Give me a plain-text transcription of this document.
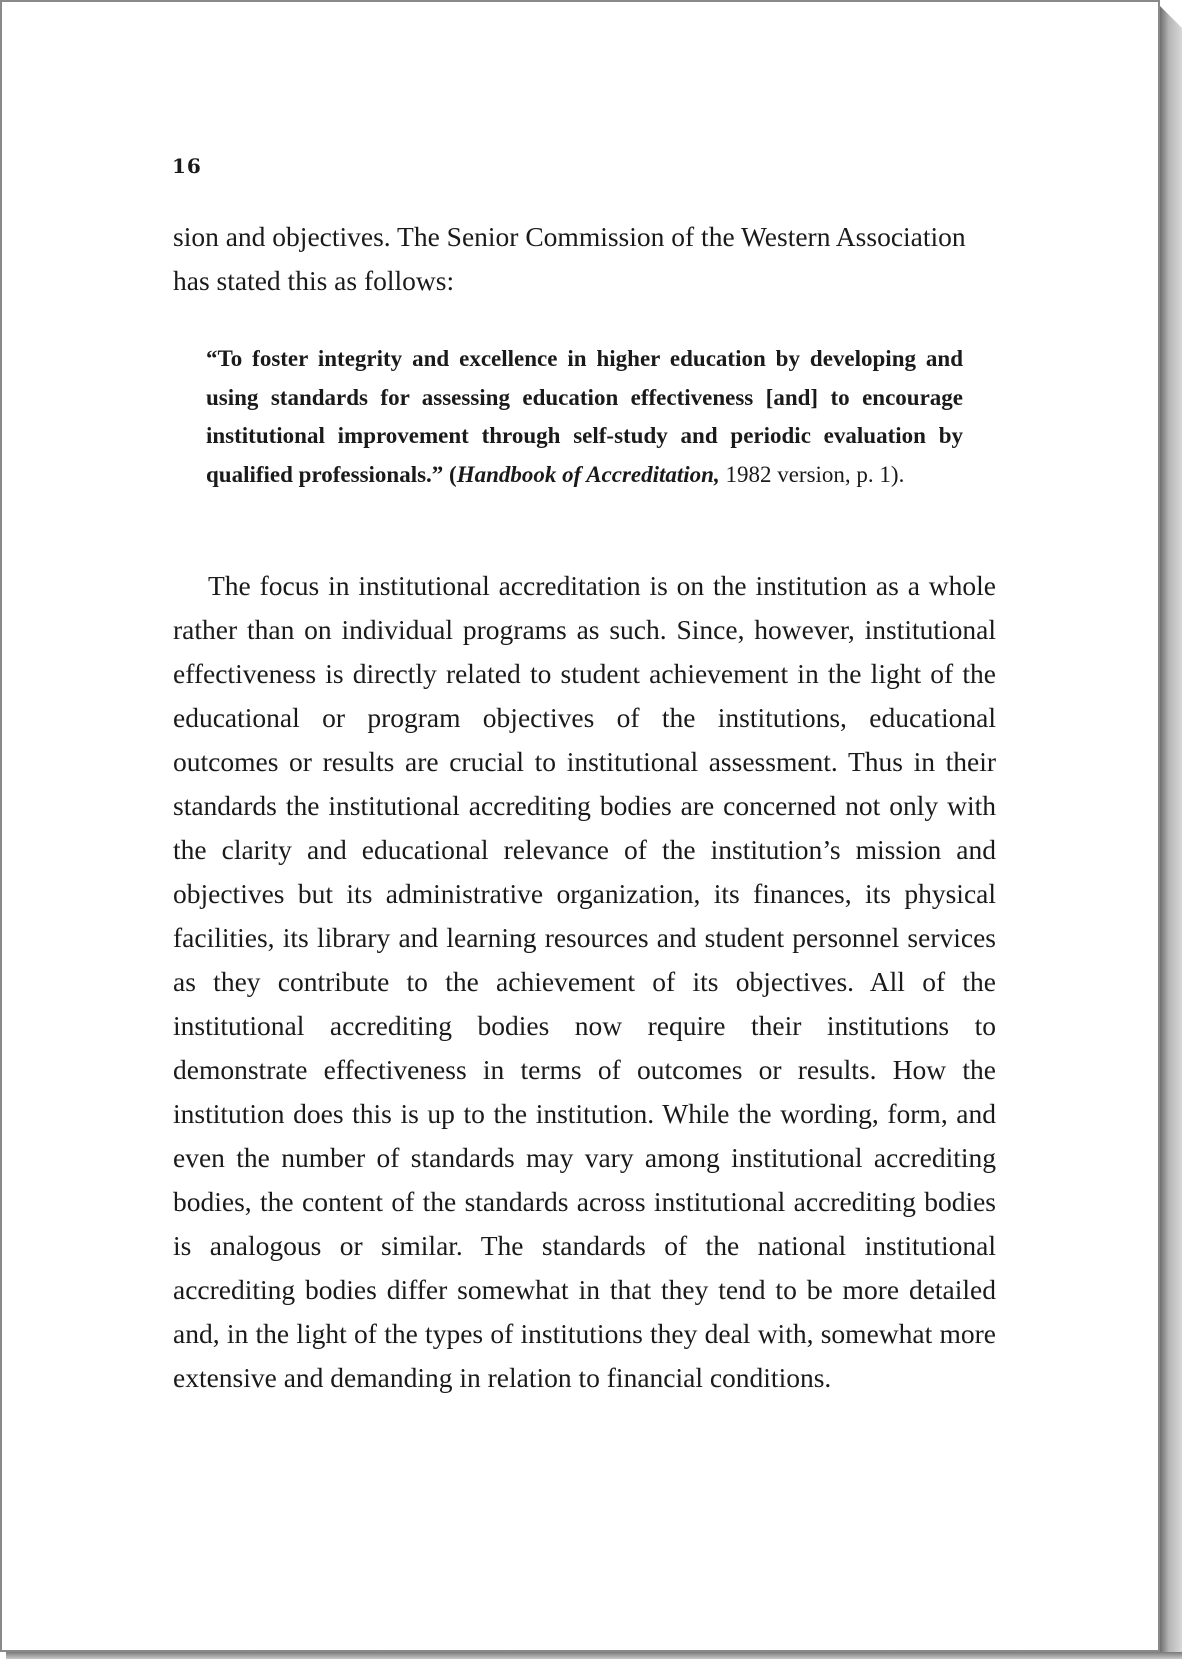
16

sion and objectives. The Senior Commission of the Western Association has stated this as follows:

“To foster integrity and excellence in higher education by developing and using standards for assessing education effectiveness [and] to encourage institutional improvement through self-study and periodic evaluation by qualified professionals.” (Handbook of Accreditation, 1982 version, p. 1).

The focus in institutional accreditation is on the institution as a whole rather than on individual programs as such. Since, however, institutional effectiveness is directly related to student achievement in the light of the educational or program objectives of the institutions, educational outcomes or results are crucial to institutional assessment. Thus in their standards the institutional accrediting bodies are concerned not only with the clarity and educational relevance of the institution’s mission and objectives but its administrative organization, its finances, its physical facilities, its library and learning resources and student personnel services as they contribute to the achievement of its objectives. All of the institutional accrediting bodies now require their institutions to demonstrate effectiveness in terms of outcomes or results. How the institution does this is up to the institution. While the wording, form, and even the number of standards may vary among institutional accrediting bodies, the content of the standards across institutional accrediting bodies is analogous or similar. The standards of the national institutional accrediting bodies differ somewhat in that they tend to be more detailed and, in the light of the types of institutions they deal with, somewhat more extensive and demanding in relation to financial conditions.
